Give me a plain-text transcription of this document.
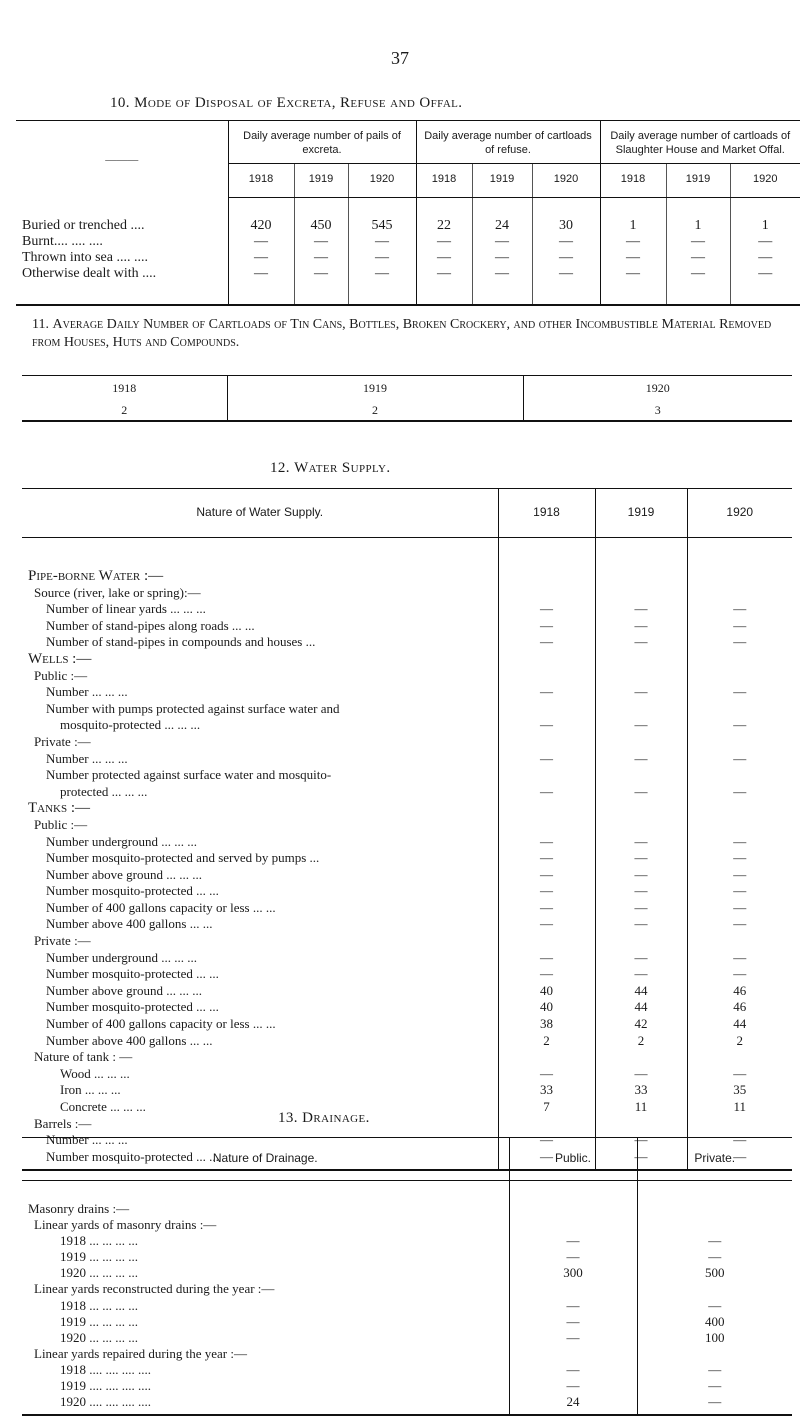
37
10. Mode of Disposal of Excreta, Refuse and Offal.
———	Daily average number of pails of excreta.			Daily average number of cartloads of refuse.			Daily average number of cartloads of Slaughter House and Market Offal.		
	1918	1919	1920	1918	1919	1920	1918	1919	1920
Buried or trenched ....	420	450	545	22	24	30	1	1	1
Burnt.... .... ....	—	—	—	—	—	—	—	—	—
Thrown into sea .... ....	—	—	—	—	—	—	—	—	—
Otherwise dealt with ....	—	—	—	—	—	—	—	—	—
11. Average Daily Number of Cartloads of Tin Cans, Bottles, Broken Crockery, and other Incombustible Material Removed from Houses, Huts and Compounds.
1918	1919	1920
2	2	3
12. Water Supply.
Nature of Water Supply.	1918	1919	1920
Pipe-borne Water :—			
Source (river, lake or spring):—			
Number of linear yards ... ... ...	—	—	—
Number of stand-pipes along roads ... ...	—	—	—
Number of stand-pipes in compounds and houses ...	—	—	—
Wells :—			
Public :—			
Number ... ... ...	—	—	—
Number with pumps protected against surface water and			
mosquito-protected ... ... ...	—	—	—
Private :—			
Number ... ... ...	—	—	—
Number protected against surface water and mosquito-			
protected ... ... ...	—	—	—
Tanks :—			
Public :—			
Number underground ... ... ...	—	—	—
Number mosquito-protected and served by pumps ...	—	—	—
Number above ground ... ... ...	—	—	—
Number mosquito-protected ... ...	—	—	—
Number of 400 gallons capacity or less ... ...	—	—	—
Number above 400 gallons ... ...	—	—	—
Private :—			
Number underground ... ... ...	—	—	—
Number mosquito-protected ... ...	—	—	—
Number above ground ... ... ...	40	44	46
Number mosquito-protected ... ...	40	44	46
Number of 400 gallons capacity or less ... ...	38	42	44
Number above 400 gallons ... ...	2	2	2
Nature of tank : —			
Wood ... ... ...	—	—	—
Iron ... ... ...	33	33	35
Concrete ... ... ...	7	11	11
Barrels :—			
Number ... ... ...	—	—	—
Number mosquito-protected ... ...	—	—	—
13. Drainage.
Nature of Drainage.	Public.	Private.
Masonry drains :—		
Linear yards of masonry drains :—		
1918 ... ... ... ...	—	—
1919 ... ... ... ...	—	—
1920 ... ... ... ...	300	500
Linear yards reconstructed during the year :—		
1918 ... ... ... ...	—	—
1919 ... ... ... ...	—	400
1920 ... ... ... ...	—	100
Linear yards repaired during the year :—		
1918 .... .... .... ....	—	—
1919 .... .... .... ....	—	—
1920 .... .... .... ....	24	—
